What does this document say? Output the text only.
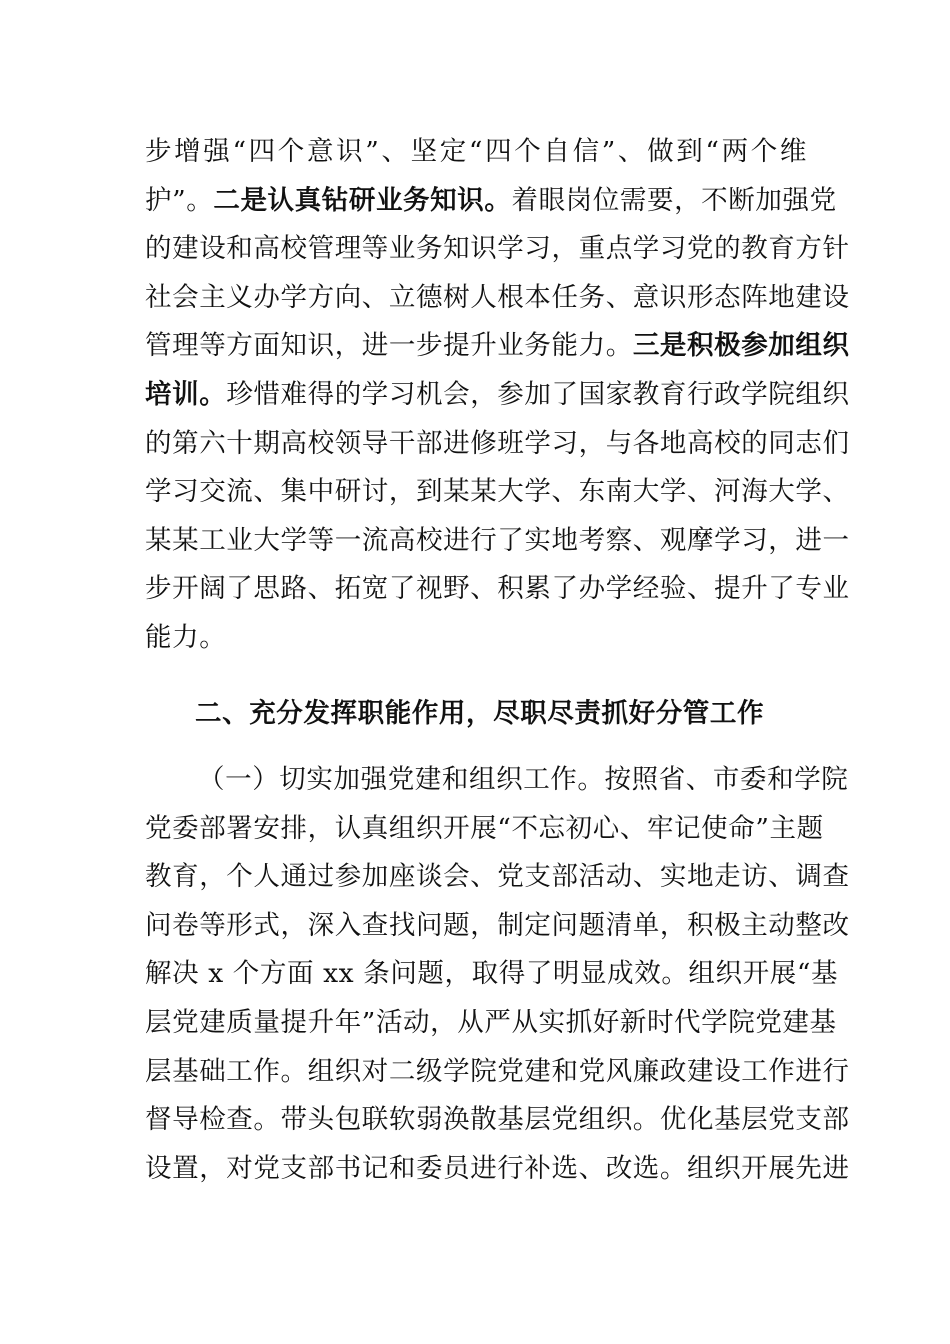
步增强“四个意识”、坚定“四个自信”、做到“两个维
护”。二是认真钻研业务知识。着眼岗位需要，不断加强党
的建设和高校管理等业务知识学习，重点学习党的教育方针
社会主义办学方向、立德树人根本任务、意识形态阵地建设
管理等方面知识，进一步提升业务能力。三是积极参加组织
培训。珍惜难得的学习机会，参加了国家教育行政学院组织
的第六十期高校领导干部进修班学习，与各地高校的同志们
学习交流、集中研讨，到某某大学、东南大学、河海大学、
某某工业大学等一流高校进行了实地考察、观摩学习，进一
步开阔了思路、拓宽了视野、积累了办学经验、提升了专业
能力。
二、充分发挥职能作用，尽职尽责抓好分管工作
（一）切实加强党建和组织工作。按照省、市委和学院
党委部署安排，认真组织开展“不忘初心、牢记使命”主题
教育，个人通过参加座谈会、党支部活动、实地走访、调查
问卷等形式，深入查找问题，制定问题清单，积极主动整改
解决 x 个方面 xx 条问题，取得了明显成效。组织开展“基
层党建质量提升年”活动，从严从实抓好新时代学院党建基
层基础工作。组织对二级学院党建和党风廉政建设工作进行
督导检查。带头包联软弱涣散基层党组织。优化基层党支部
设置，对党支部书记和委员进行补选、改选。组织开展先进
